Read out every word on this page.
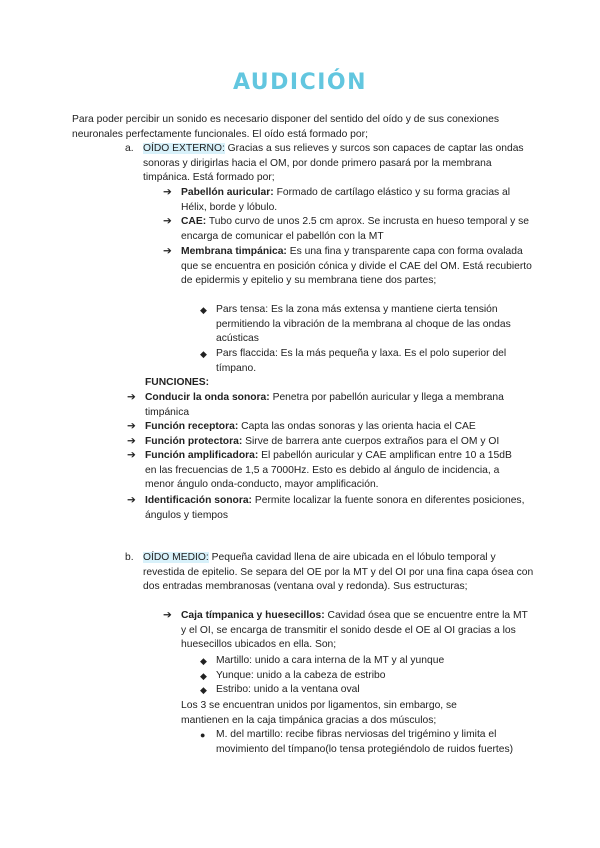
AUDICIÓN
Para poder percibir un sonido es necesario disponer del sentido del oído y de sus conexiones neuronales perfectamente funcionales. El oído está formado por;
a. OÍDO EXTERNO: Gracias a sus relieves y surcos son capaces de captar las ondas sonoras y dirigirlas hacia el OM, por donde primero pasará por la membrana timpánica. Está formado por;
➔ Pabellón auricular: Formado de cartílago elástico y su forma gracias al Hélix, borde y lóbulo.
➔ CAE: Tubo curvo de unos 2.5 cm aprox. Se incrusta en hueso temporal y se encarga de comunicar el pabellón con la MT
➔ Membrana timpánica: Es una fina y transparente capa con forma ovalada que se encuentra en posición cónica y divide el CAE del OM. Está recubierto de epidermis y epitelio y su membrana tiene dos partes;
◆ Pars tensa: Es la zona más extensa y mantiene cierta tensión permitiendo la vibración de la membrana al choque de las ondas acústicas
◆ Pars flaccida: Es la más pequeña y laxa. Es el polo superior del tímpano.
FUNCIONES:
➔ Conducir la onda sonora: Penetra por pabellón auricular y llega a membrana timpánica
➔ Función receptora: Capta las ondas sonoras y las orienta hacia el CAE
➔ Función protectora: Sirve de barrera ante cuerpos extraños para el OM y OI
➔ Función amplificadora: El pabellón auricular y CAE amplifican entre 10 a 15dB en las frecuencias de 1,5 a 7000Hz. Esto es debido al ángulo de incidencia, a menor ángulo onda-conducto, mayor amplificación.
➔ Identificación sonora: Permite localizar la fuente sonora en diferentes posiciones, ángulos y tiempos
b. OÍDO MEDIO: Pequeña cavidad llena de aire ubicada en el lóbulo temporal y revestida de epitelio. Se separa del OE por la MT y del OI por una fina capa ósea con dos entradas membranosas (ventana oval y redonda). Sus estructuras;
➔ Caja tímpanica y huesecillos: Cavidad ósea que se encuentre entre la MT y el OI, se encarga de transmitir el sonido desde el OE al OI gracias a los huesecillos ubicados en ella. Son;
◆ Martillo: unido a cara interna de la MT y al yunque
◆ Yunque: unido a la cabeza de estribo
◆ Estribo: unido a la ventana oval
Los 3 se encuentran unidos por ligamentos, sin embargo, se mantienen en la caja timpánica gracias a dos músculos;
● M. del martillo: recibe fibras nerviosas del trigémino y limita el movimiento del tímpano(lo tensa protegiéndolo de ruidos fuertes)
